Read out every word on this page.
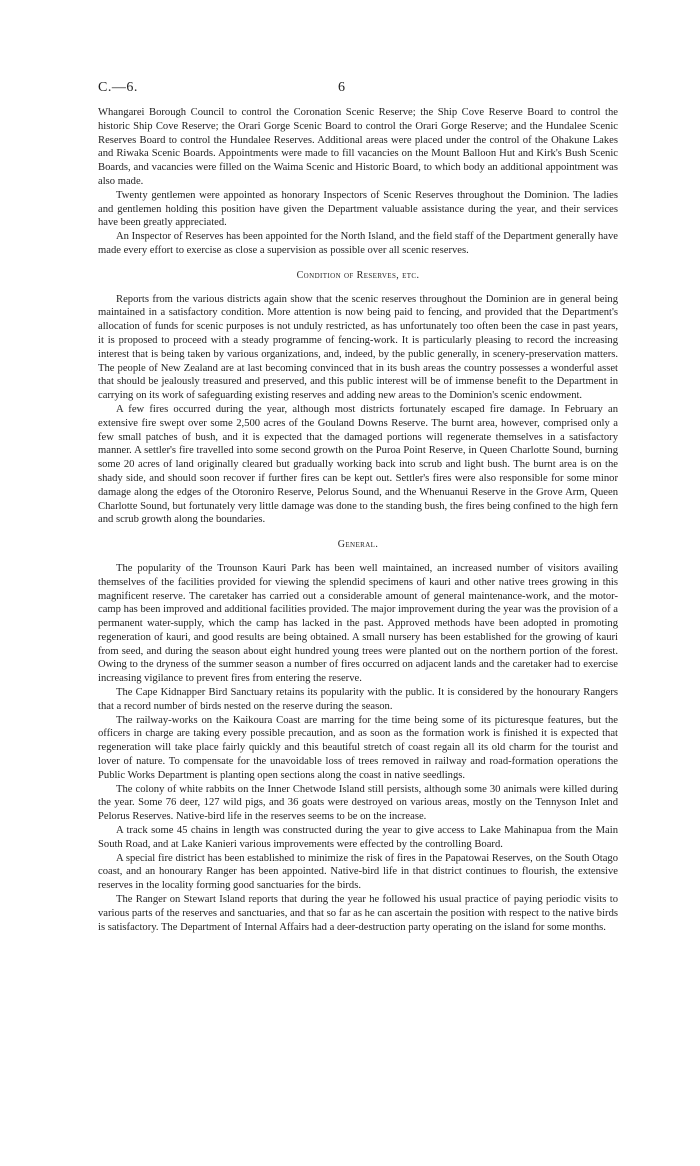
C.—6.	6

Whangarei Borough Council to control the Coronation Scenic Reserve; the Ship Cove Reserve Board to control the historic Ship Cove Reserve; the Orari Gorge Scenic Board to control the Orari Gorge Reserve; and the Hundalee Scenic Reserves Board to control the Hundalee Reserves. Additional areas were placed under the control of the Ohakune Lakes and Riwaka Scenic Boards. Appointments were made to fill vacancies on the Mount Balloon Hut and Kirk's Bush Scenic Boards, and vacancies were filled on the Waima Scenic and Historic Board, to which body an additional appointment was also made.

Twenty gentlemen were appointed as honorary Inspectors of Scenic Reserves throughout the Dominion. The ladies and gentlemen holding this position have given the Department valuable assistance during the year, and their services have been greatly appreciated.

An Inspector of Reserves has been appointed for the North Island, and the field staff of the Department generally have made every effort to exercise as close a supervision as possible over all scenic reserves.

Condition of Reserves, etc.

Reports from the various districts again show that the scenic reserves throughout the Dominion are in general being maintained in a satisfactory condition. More attention is now being paid to fencing, and provided that the Department's allocation of funds for scenic purposes is not unduly restricted, as has unfortunately too often been the case in past years, it is proposed to proceed with a steady programme of fencing-work. It is particularly pleasing to record the increasing interest that is being taken by various organizations, and, indeed, by the public generally, in scenery-preservation matters. The people of New Zealand are at last becoming convinced that in its bush areas the country possesses a wonderful asset that should be jealously treasured and preserved, and this public interest will be of immense benefit to the Department in carrying on its work of safeguarding existing reserves and adding new areas to the Dominion's scenic endowment.

A few fires occurred during the year, although most districts fortunately escaped fire damage. In February an extensive fire swept over some 2,500 acres of the Gouland Downs Reserve. The burnt area, however, comprised only a few small patches of bush, and it is expected that the damaged portions will regenerate themselves in a satisfactory manner. A settler's fire travelled into some second growth on the Puroa Point Reserve, in Queen Charlotte Sound, burning some 20 acres of land originally cleared but gradually working back into scrub and light bush. The burnt area is on the shady side, and should soon recover if further fires can be kept out. Settler's fires were also responsible for some minor damage along the edges of the Otoroniro Reserve, Pelorus Sound, and the Whenuanui Reserve in the Grove Arm, Queen Charlotte Sound, but fortunately very little damage was done to the standing bush, the fires being confined to the high fern and scrub growth along the boundaries.

General.

The popularity of the Trounson Kauri Park has been well maintained, an increased number of visitors availing themselves of the facilities provided for viewing the splendid specimens of kauri and other native trees growing in this magnificent reserve. The caretaker has carried out a considerable amount of general maintenance-work, and the motor-camp has been improved and additional facilities provided. The major improvement during the year was the provision of a permanent water-supply, which the camp has lacked in the past. Approved methods have been adopted in promoting regeneration of kauri, and good results are being obtained. A small nursery has been established for the growing of kauri from seed, and during the season about eight hundred young trees were planted out on the northern portion of the forest. Owing to the dryness of the summer season a number of fires occurred on adjacent lands and the caretaker had to exercise increasing vigilance to prevent fires from entering the reserve.

The Cape Kidnapper Bird Sanctuary retains its popularity with the public. It is considered by the honourary Rangers that a record number of birds nested on the reserve during the season.

The railway-works on the Kaikoura Coast are marring for the time being some of its picturesque features, but the officers in charge are taking every possible precaution, and as soon as the formation work is finished it is expected that regeneration will take place fairly quickly and this beautiful stretch of coast regain all its old charm for the tourist and lover of nature. To compensate for the unavoidable loss of trees removed in railway and road-formation operations the Public Works Department is planting open sections along the coast in native seedlings.

The colony of white rabbits on the Inner Chetwode Island still persists, although some 30 animals were killed during the year. Some 76 deer, 127 wild pigs, and 36 goats were destroyed on various areas, mostly on the Tennyson Inlet and Pelorus Reserves. Native-bird life in the reserves seems to be on the increase.

A track some 45 chains in length was constructed during the year to give access to Lake Mahinapua from the Main South Road, and at Lake Kanieri various improvements were effected by the controlling Board.

A special fire district has been established to minimize the risk of fires in the Papatowai Reserves, on the South Otago coast, and an honourary Ranger has been appointed. Native-bird life in that district continues to flourish, the extensive reserves in the locality forming good sanctuaries for the birds.

The Ranger on Stewart Island reports that during the year he followed his usual practice of paying periodic visits to various parts of the reserves and sanctuaries, and that so far as he can ascertain the position with respect to the native birds is satisfactory. The Department of Internal Affairs had a deer-destruction party operating on the island for some months.
